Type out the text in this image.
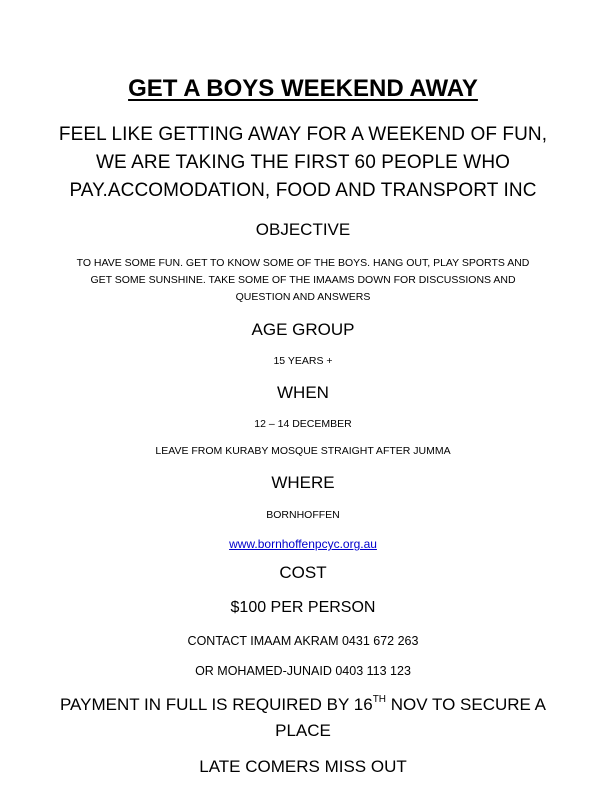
GET A BOYS WEEKEND AWAY
FEEL LIKE GETTING AWAY FOR A WEEKEND OF FUN,
WE ARE TAKING THE FIRST 60 PEOPLE WHO
PAY.ACCOMODATION, FOOD AND TRANSPORT INC
OBJECTIVE
TO HAVE SOME FUN. GET TO KNOW SOME OF THE BOYS. HANG OUT, PLAY SPORTS AND
GET SOME SUNSHINE. TAKE SOME OF THE IMAAMS DOWN FOR DISCUSSIONS AND
QUESTION AND ANSWERS
AGE GROUP
15 YEARS +
WHEN
12 – 14 DECEMBER
LEAVE FROM KURABY MOSQUE STRAIGHT AFTER JUMMA
WHERE
BORNHOFFEN
www.bornhoffenpcyc.org.au
COST
$100 PER PERSON
CONTACT IMAAM AKRAM 0431 672 263
OR MOHAMED-JUNAID 0403 113 123
PAYMENT IN FULL IS REQUIRED BY 16TH NOV TO SECURE A
PLACE
LATE COMERS MISS OUT
